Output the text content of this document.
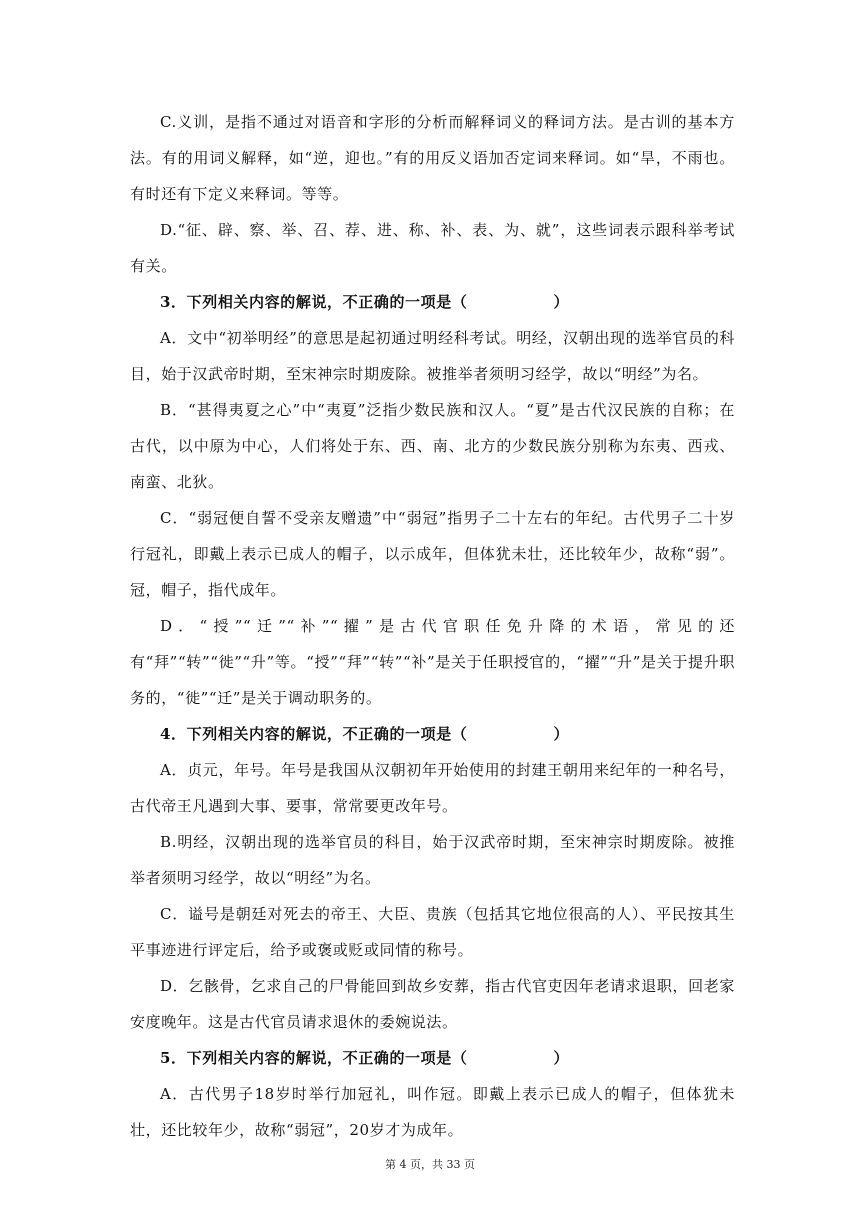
C.义训，是指不通过对语音和字形的分析而解释词义的释词方法。是古训的基本方法。有的用词义解释，如“逆，迎也。”有的用反义语加否定词来释词。如“旱，不雨也。有时还有下定义来释词。等等。

D.“征、辟、察、举、召、荐、进、称、补、表、为、就”，这些词表示跟科举考试有关。

3．下列相关内容的解说，不正确的一项是（	）

A．文中“初举明经”的意思是起初通过明经科考试。明经，汉朝出现的选举官员的科目，始于汉武帝时期，至宋神宗时期废除。被推举者须明习经学，故以“明经”为名。

B．“甚得夷夏之心”中“夷夏”泛指少数民族和汉人。“夏”是古代汉民族的自称；在古代，以中原为中心，人们将处于东、西、南、北方的少数民族分别称为东夷、西戎、南蛮、北狄。

C．“弱冠便自誓不受亲友赠遗”中“弱冠”指男子二十左右的年纪。古代男子二十岁行冠礼，即戴上表示已成人的帽子，以示成年，但体犹未壮，还比较年少，故称“弱”。冠，帽子，指代成年。

D．“授”“迁”“补”“擢”是古代官职任免升降的术语，常见的还有“拜”“转”“徙”“升”等。“授”“拜”“转”“补”是关于任职授官的，“擢”“升”是关于提升职务的，“徙”“迁”是关于调动职务的。

4．下列相关内容的解说，不正确的一项是（	）

A．贞元，年号。年号是我国从汉朝初年开始使用的封建王朝用来纪年的一种名号，古代帝王凡遇到大事、要事，常常要更改年号。

B.明经，汉朝出现的选举官员的科目，始于汉武帝时期，至宋神宗时期废除。被推举者须明习经学，故以“明经”为名。

C．谥号是朝廷对死去的帝王、大臣、贵族（包括其它地位很高的人）、平民按其生平事迹进行评定后，给予或褒或贬或同情的称号。

D．乞骸骨，乞求自己的尸骨能回到故乡安葬，指古代官吏因年老请求退职，回老家安度晚年。这是古代官员请求退休的委婉说法。

5．下列相关内容的解说，不正确的一项是（	）

A．古代男子18岁时举行加冠礼，叫作冠。即戴上表示已成人的帽子，但体犹未壮，还比较年少，故称“弱冠”，20岁才为成年。

第 4 页，共 33 页
